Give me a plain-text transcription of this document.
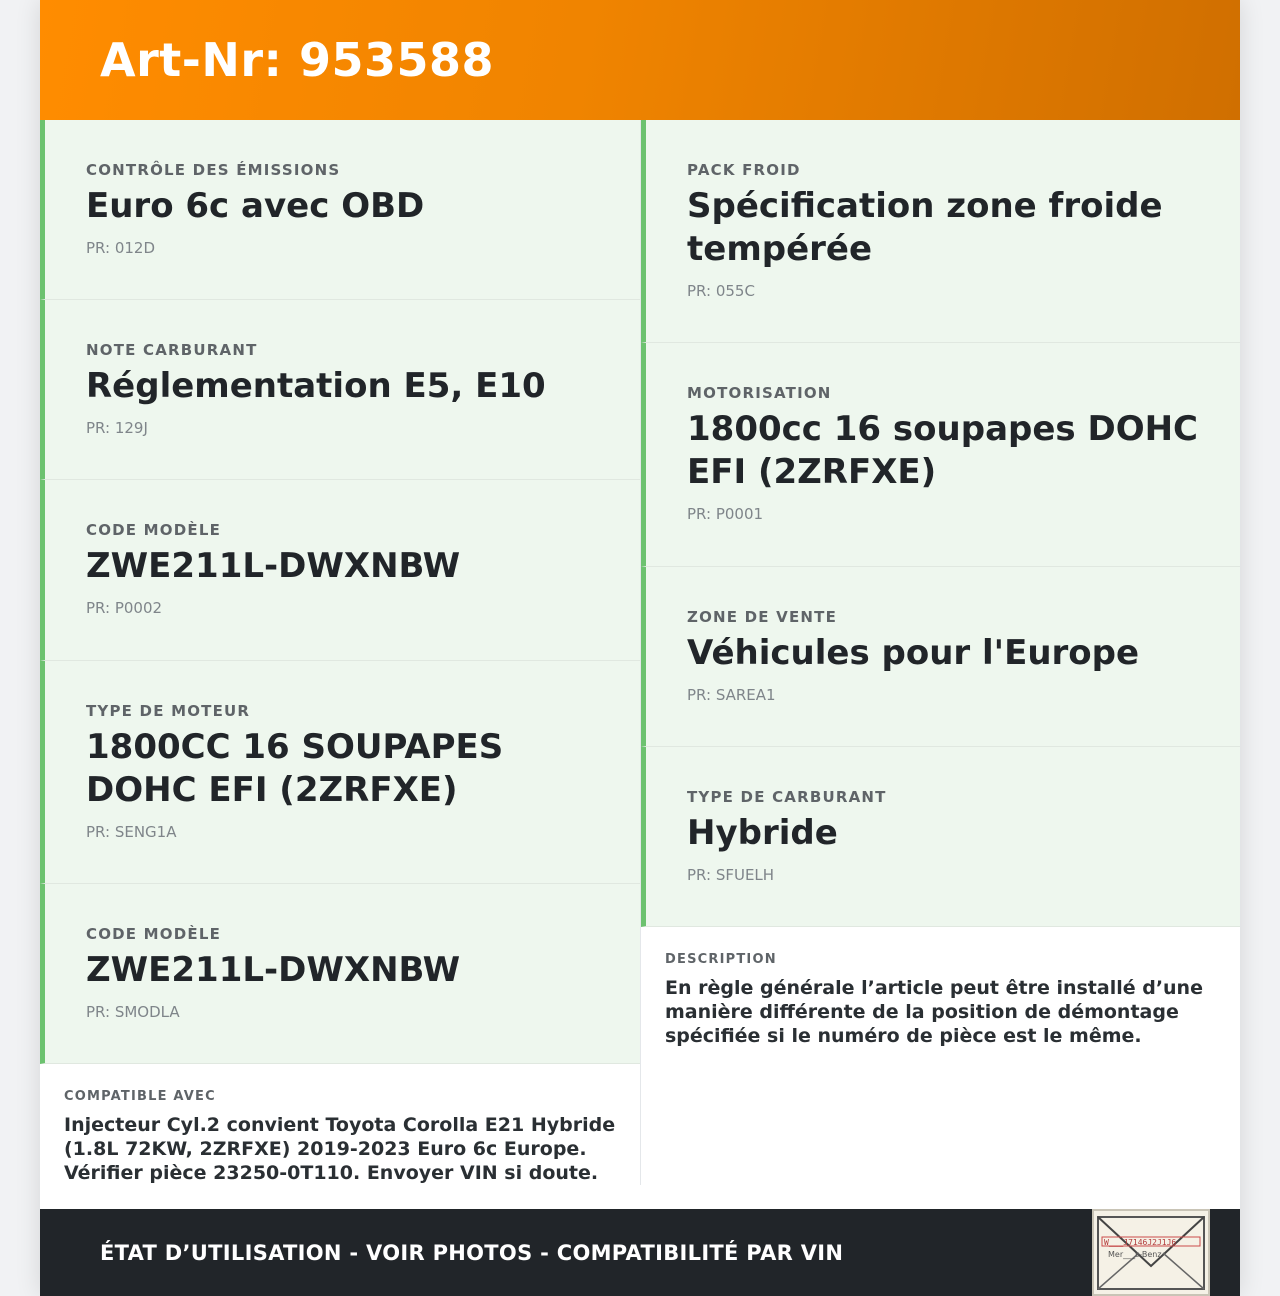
Art-Nr: 953588
CONTRÔLE DES ÉMISSIONS
Euro 6c avec OBD
PR: 012D
NOTE CARBURANT
Réglementation E5, E10
PR: 129J
CODE MODÈLE
ZWE211L-DWXNBW
PR: P0002
TYPE DE MOTEUR
1800CC 16 SOUPAPES DOHC EFI (2ZRFXE)
PR: SENG1A
CODE MODÈLE
ZWE211L-DWXNBW
PR: SMODLA
COMPATIBLE AVEC
Injecteur Cyl.2 convient Toyota Corolla E21 Hybride (1.8L 72KW, 2ZRFXE) 2019-2023 Euro 6c Europe. Vérifier pièce 23250-0T110. Envoyer VIN si doute.
PACK FROID
Spécification zone froide tempérée
PR: 055C
MOTORISATION
1800cc 16 soupapes DOHC EFI (2ZRFXE)
PR: P0001
ZONE DE VENTE
Véhicules pour l'Europe
PR: SAREA1
TYPE DE CARBURANT
Hybride
PR: SFUELH
DESCRIPTION
En règle générale l’article peut être installé d’une manière différente de la position de démontage spécifiée si le numéro de pièce est le même.
ÉTAT D’UTILISATION - VOIR PHOTOS - COMPATIBILITÉ PAR VIN	W___J7146J2J1J6
Mer___s-Benz
